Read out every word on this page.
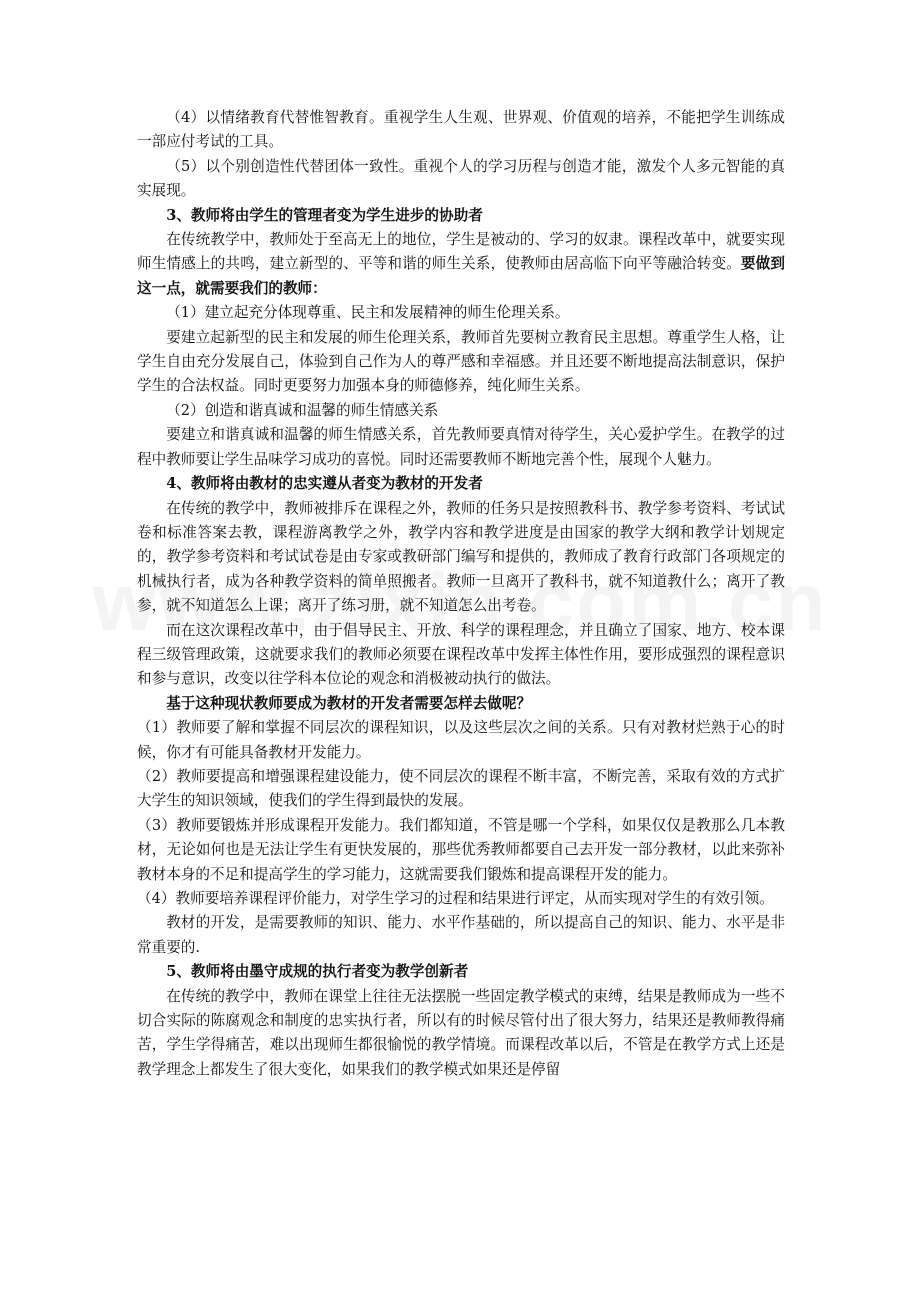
（4）以情绪教育代替惟智教育。重视学生人生观、世界观、价值观的培养，不能把学生训练成一部应付考试的工具。

（5）以个别创造性代替团体一致性。重视个人的学习历程与创造才能，激发个人多元智能的真实展现。

3、教师将由学生的管理者变为学生进步的协助者

在传统教学中，教师处于至高无上的地位，学生是被动的、学习的奴隶。课程改革中，就要实现师生情感上的共鸣，建立新型的、平等和谐的师生关系，使教师由居高临下向平等融洽转变。要做到这一点，就需要我们的教师：

（1）建立起充分体现尊重、民主和发展精神的师生伦理关系。

要建立起新型的民主和发展的师生伦理关系，教师首先要树立教育民主思想。尊重学生人格，让学生自由充分发展自己，体验到自己作为人的尊严感和幸福感。并且还要不断地提高法制意识，保护学生的合法权益。同时更要努力加强本身的师德修养，纯化师生关系。

（2）创造和谐真诚和温馨的师生情感关系

要建立和谐真诚和温馨的师生情感关系，首先教师要真情对待学生，关心爱护学生。在教学的过程中教师要让学生品味学习成功的喜悦。同时还需要教师不断地完善个性，展现个人魅力。

4、教师将由教材的忠实遵从者变为教材的开发者

在传统的教学中，教师被排斥在课程之外，教师的任务只是按照教科书、教学参考资料、考试试卷和标准答案去教，课程游离教学之外，教学内容和教学进度是由国家的教学大纲和教学计划规定的，教学参考资料和考试试卷是由专家或教研部门编写和提供的，教师成了教育行政部门各项规定的机械执行者，成为各种教学资料的简单照搬者。教师一旦离开了教科书，就不知道教什么；离开了教参，就不知道怎么上课；离开了练习册，就不知道怎么出考卷。

而在这次课程改革中，由于倡导民主、开放、科学的课程理念，并且确立了国家、地方、校本课程三级管理政策，这就要求我们的教师必须要在课程改革中发挥主体性作用，要形成强烈的课程意识和参与意识，改变以往学科本位论的观念和消极被动执行的做法。

基于这种现状教师要成为教材的开发者需要怎样去做呢？

（1）教师要了解和掌握不同层次的课程知识，以及这些层次之间的关系。只有对教材烂熟于心的时候，你才有可能具备教材开发能力。

（2）教师要提高和增强课程建设能力，使不同层次的课程不断丰富，不断完善，采取有效的方式扩大学生的知识领域，使我们的学生得到最快的发展。

（3）教师要锻炼并形成课程开发能力。我们都知道，不管是哪一个学科，如果仅仅是教那么几本教材，无论如何也是无法让学生有更快发展的，那些优秀教师都要自己去开发一部分教材，以此来弥补教材本身的不足和提高学生的学习能力，这就需要我们锻炼和提高课程开发的能力。

（4）教师要培养课程评价能力，对学生学习的过程和结果进行评定，从而实现对学生的有效引领。

教材的开发，是需要教师的知识、能力、水平作基础的，所以提高自己的知识、能力、水平是非常重要的.

5、教师将由墨守成规的执行者变为教学创新者

在传统的教学中，教师在课堂上往往无法摆脱一些固定教学模式的束缚，结果是教师成为一些不切合实际的陈腐观念和制度的忠实执行者，所以有的时候尽管付出了很大努力，结果还是教师教得痛苦，学生学得痛苦，难以出现师生都很愉悦的教学情境。而课程改革以后，不管是在教学方式上还是教学理念上都发生了很大变化，如果我们的教学模式如果还是停留
